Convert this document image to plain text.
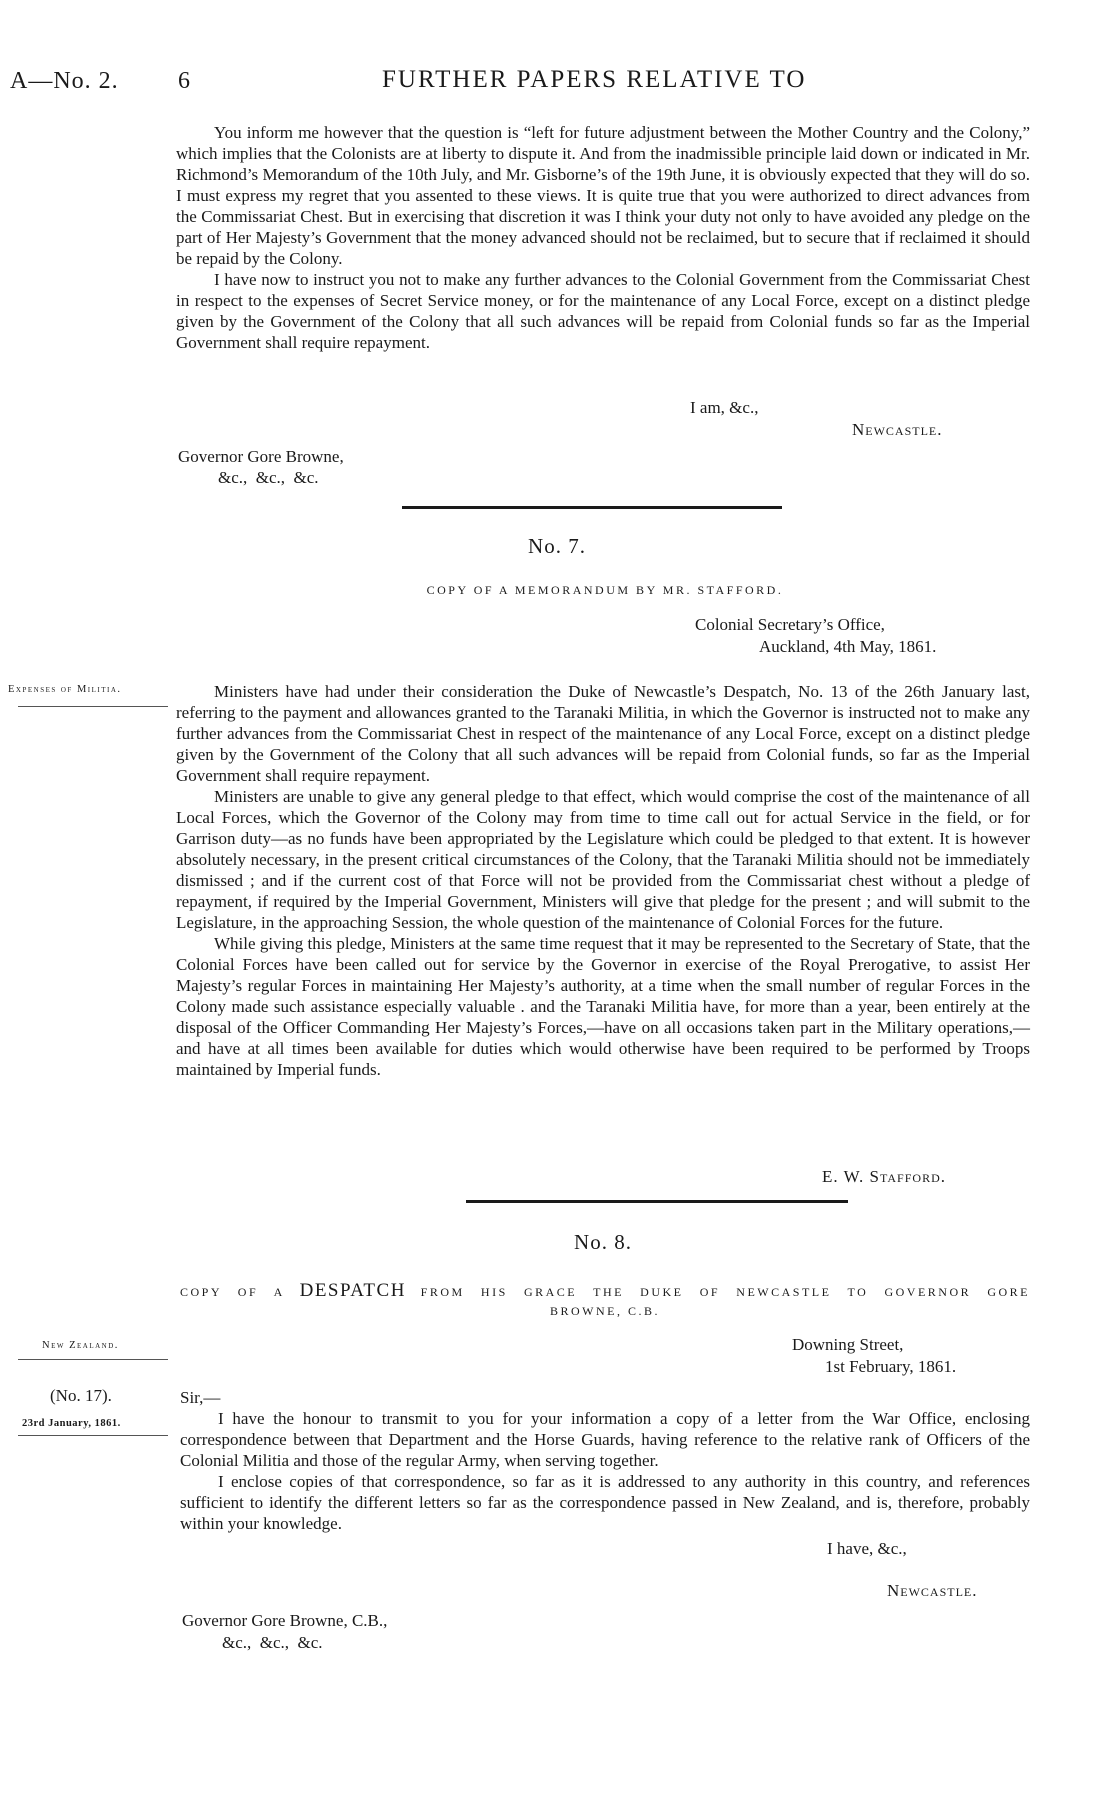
A—No. 2. 6	FURTHER PAPERS RELATIVE TO

You inform me however that the question is “left for future adjustment between the Mother Country and the Colony,” which implies that the Colonists are at liberty to dispute it. And from the inadmissible principle laid down or indicated in Mr. Richmond’s Memorandum of the 10th July, and Mr. Gisborne’s of the 19th June, it is obviously expected that they will do so. I must express my regret that you assented to these views. It is quite true that you were authorized to direct advances from the Commissariat Chest. But in exercising that discretion it was I think your duty not only to have avoided any pledge on the part of Her Majesty’s Government that the money advanced should not be reclaimed, but to secure that if reclaimed it should be repaid by the Colony.

I have now to instruct you not to make any further advances to the Colonial Government from the Commissariat Chest in respect to the expenses of Secret Service money, or for the maintenance of any Local Force, except on a distinct pledge given by the Government of the Colony that all such advances will be repaid from Colonial funds so far as the Imperial Government shall require repayment.

I am, &c.,
Newcastle.
Governor Gore Browne,
&c.,  &c.,  &c.
No. 7.
COPY OF A MEMORANDUM BY MR. STAFFORD.
Colonial Secretary’s Office,
Auckland, 4th May, 1861.
Expenses of Militia.	Ministers have had under their consideration the Duke of Newcastle’s Despatch, No. 13 of the 26th January last, referring to the payment and allowances granted to the Taranaki Militia, in which the Governor is instructed not to make any further advances from the Commissariat Chest in respect of the maintenance of any Local Force, except on a distinct pledge given by the Government of the Colony that all such advances will be repaid from Colonial funds, so far as the Imperial Government shall require repayment.

Ministers are unable to give any general pledge to that effect, which would comprise the cost of the maintenance of all Local Forces, which the Governor of the Colony may from time to time call out for actual Service in the field, or for Garrison duty—as no funds have been appropriated by the Legislature which could be pledged to that extent. It is however absolutely necessary, in the present critical circumstances of the Colony, that the Taranaki Militia should not be immediately dismissed ; and if the current cost of that Force will not be provided from the Commissariat chest without a pledge of repayment, if required by the Imperial Government, Ministers will give that pledge for the present ; and will submit to the Legislature, in the approaching Session, the whole question of the maintenance of Colonial Forces for the future.

While giving this pledge, Ministers at the same time request that it may be represented to the Secretary of State, that the Colonial Forces have been called out for service by the Governor in exercise of the Royal Prerogative, to assist Her Majesty’s regular Forces in maintaining Her Majesty’s authority, at a time when the small number of regular Forces in the Colony made such assistance especially valuable . and the Taranaki Militia have, for more than a year, been entirely at the disposal of the Officer Commanding Her Majesty’s Forces,—have on all occasions taken part in the Military operations,—and have at all times been available for duties which would otherwise have been required to be performed by Troops maintained by Imperial funds.

E. W. Stafford.
No. 8.
COPY OF A DESPATCH FROM HIS GRACE THE DUKE OF NEWCASTLE TO GOVERNOR GORE
BROWNE, C.B.
New Zealand.
(No. 17).
23rd January, 1861.
Downing Street,
1st February, 1861.
Sir,—

I have the honour to transmit to you for your information a copy of a letter from the War Office, enclosing correspondence between that Department and the Horse Guards, having reference to the relative rank of Officers of the Colonial Militia and those of the regular Army, when serving together.

I enclose copies of that correspondence, so far as it is addressed to any authority in this country, and references sufficient to identify the different letters so far as the correspondence passed in New Zealand, and is, therefore, probably within your knowledge.

I have, &c.,
Newcastle.
Governor Gore Browne, C.B.,
&c.,  &c.,  &c.
